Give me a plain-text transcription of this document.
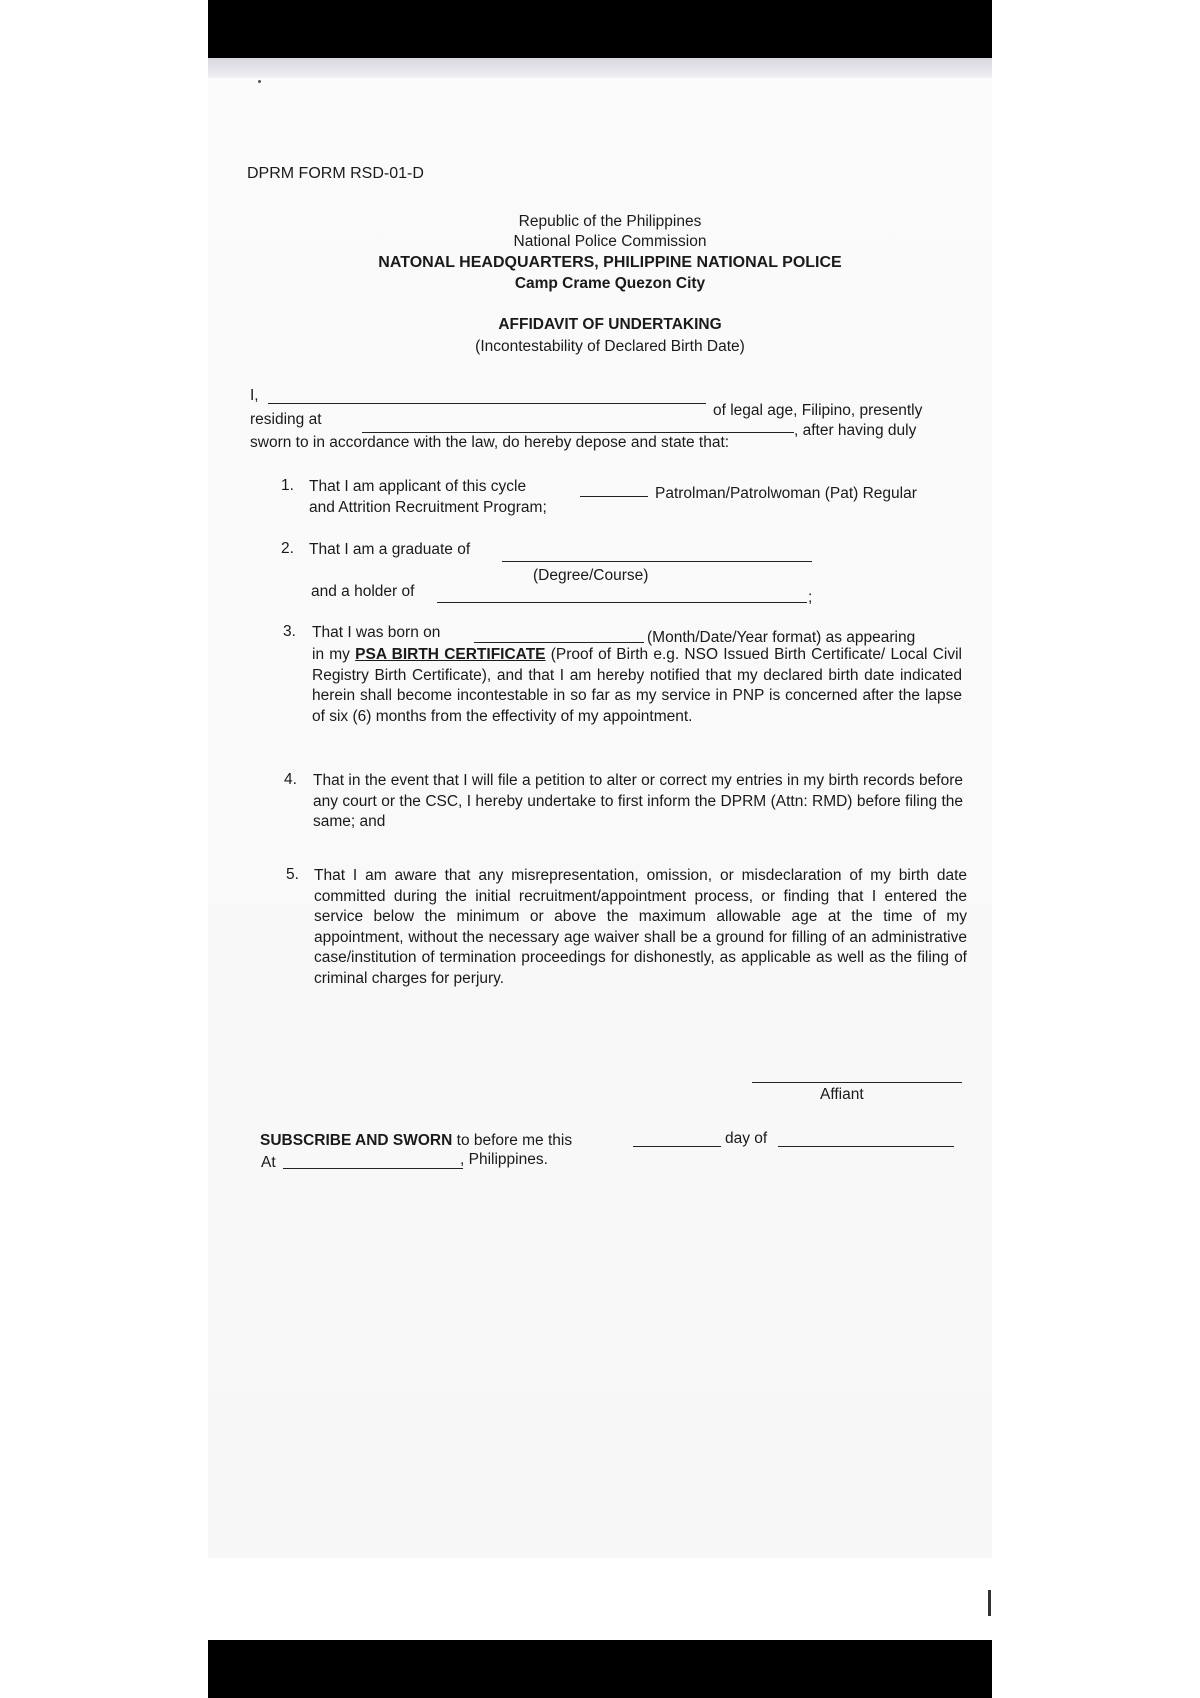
DPRM FORM RSD-01-D
Republic of the Philippines
National Police Commission
NATONAL HEADQUARTERS, PHILIPPINE NATIONAL POLICE
Camp Crame Quezon City
AFFIDAVIT OF UNDERTAKING
(Incontestability of Declared Birth Date)
I,
of legal age, Filipino, presently
residing at
, after having duly
sworn to in accordance with the law, do hereby depose and state that:
1. That I am applicant of this cycle	Patrolman/Patrolwoman (Pat) Regular
and Attrition Recruitment Program;
2. That I am a graduate of
(Degree/Course)
and a holder of	;
3. That I was born on	(Month/Date/Year format) as appearing
in my PSA BIRTH CERTIFICATE (Proof of Birth e.g. NSO Issued Birth Certificate/ Local Civil Registry Birth Certificate), and that I am hereby notified that my declared birth date indicated herein shall become incontestable in so far as my service in PNP is concerned after the lapse of six (6) months from the effectivity of my appointment.
4. That in the event that I will file a petition to alter or correct my entries in my birth records before any court or the CSC, I hereby undertake to first inform the DPRM (Attn: RMD) before filing the same; and
5. That I am aware that any misrepresentation, omission, or misdeclaration of my birth date committed during the initial recruitment/appointment process, or finding that I entered the service below the minimum or above the maximum allowable age at the time of my appointment, without the necessary age waiver shall be a ground for filling of an administrative case/institution of termination proceedings for dishonestly, as applicable as well as the filing of criminal charges for perjury.
Affiant
SUBSCRIBE AND SWORN to before me this	day of
At	, Philippines.
